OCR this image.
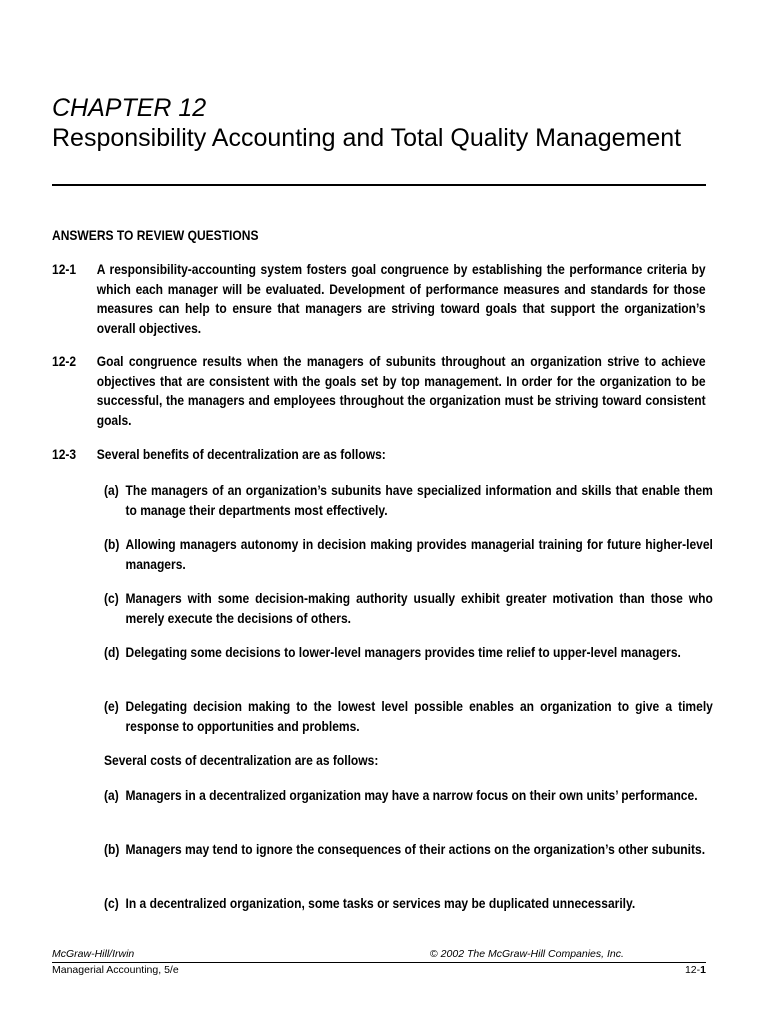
CHAPTER 12
Responsibility Accounting and Total Quality Management
ANSWERS TO REVIEW QUESTIONS
12-1 A responsibility-accounting system fosters goal congruence by establishing the performance criteria by which each manager will be evaluated. Development of performance measures and standards for those measures can help to ensure that managers are striving toward goals that support the organization’s overall objectives.
12-2 Goal congruence results when the managers of subunits throughout an organization strive to achieve objectives that are consistent with the goals set by top management. In order for the organization to be successful, the managers and employees throughout the organization must be striving toward consistent goals.
12-3 Several benefits of decentralization are as follows:
(a) The managers of an organization’s subunits have specialized information and skills that enable them to manage their departments most effectively.
(b) Allowing managers autonomy in decision making provides managerial training for future higher-level managers.
(c) Managers with some decision-making authority usually exhibit greater motivation than those who merely execute the decisions of others.
(d) Delegating some decisions to lower-level managers provides time relief to upper-level managers.
(e) Delegating decision making to the lowest level possible enables an organization to give a timely response to opportunities and problems.
Several costs of decentralization are as follows:
(a) Managers in a decentralized organization may have a narrow focus on their own units’ performance.
(b) Managers may tend to ignore the consequences of their actions on the organization’s other subunits.
(c) In a decentralized organization, some tasks or services may be duplicated unnecessarily.
McGraw-Hill/Irwin	© 2002 The McGraw-Hill Companies, Inc.
Managerial Accounting, 5/e	12-1
